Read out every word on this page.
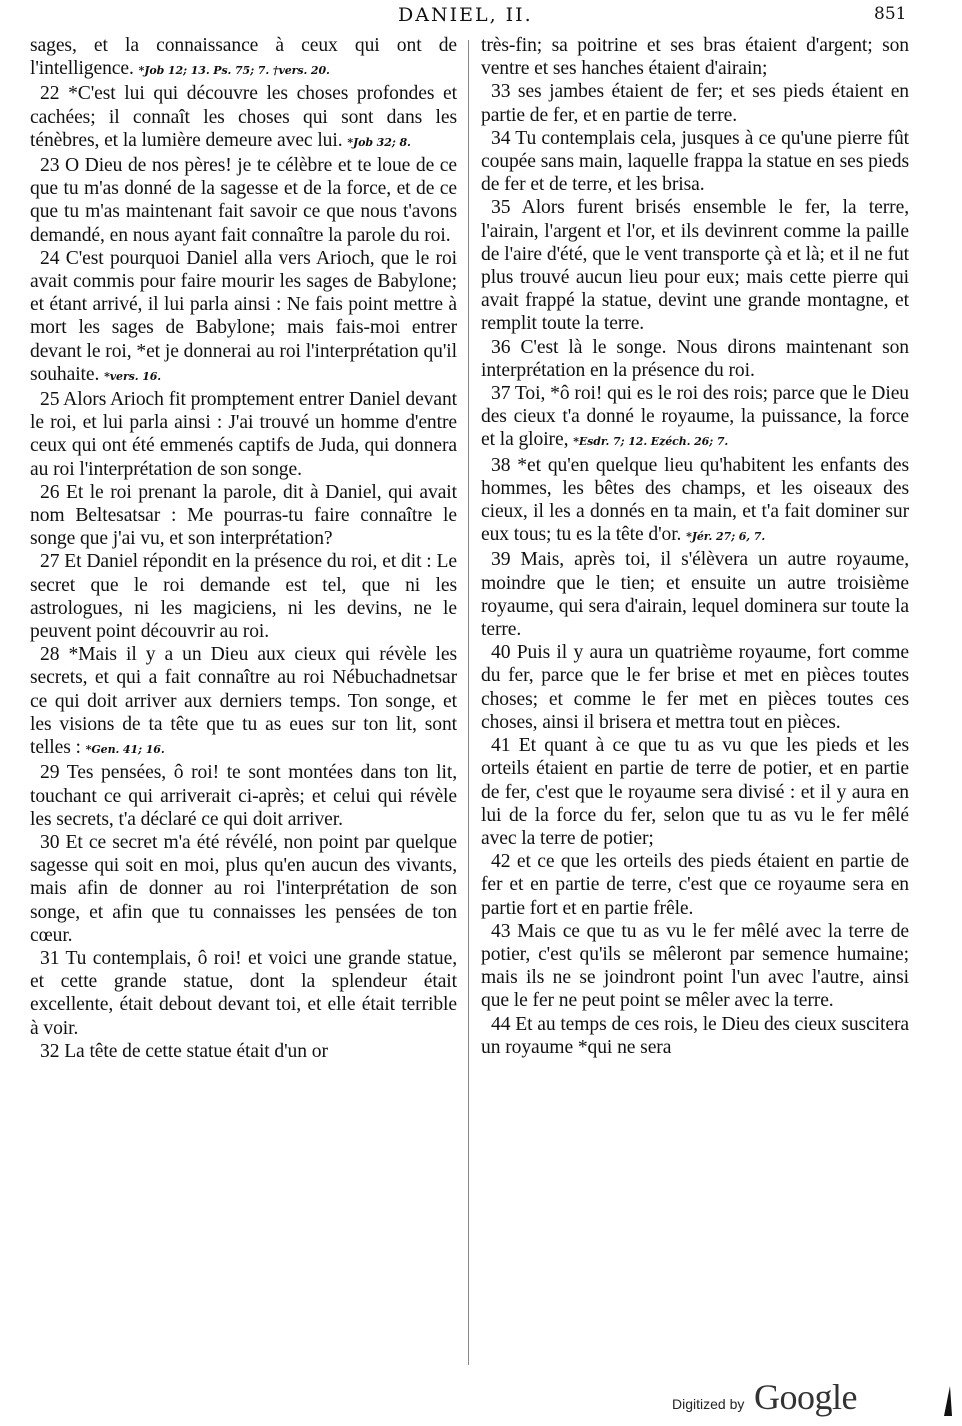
DANIEL, II.	851

sages, et la connaissance à ceux qui ont de l'intelligence. *Job 12; 13. Ps. 75; 7. †vers. 20.

22 *C'est lui qui découvre les choses profondes et cachées; il connaît les choses qui sont dans les ténèbres, et la lumière demeure avec lui. *Job 32; 8.

23 O Dieu de nos pères! je te célèbre et te loue de ce que tu m'as donné de la sagesse et de la force, et de ce que tu m'as maintenant fait savoir ce que nous t'avons demandé, en nous ayant fait connaître la parole du roi.

24 C'est pourquoi Daniel alla vers Arioch, que le roi avait commis pour faire mourir les sages de Babylone; et étant arrivé, il lui parla ainsi : Ne fais point mettre à mort les sages de Babylone; mais fais-moi entrer devant le roi, *et je donnerai au roi l'interprétation qu'il souhaite. *vers. 16.

25 Alors Arioch fit promptement entrer Daniel devant le roi, et lui parla ainsi : J'ai trouvé un homme d'entre ceux qui ont été emmenés captifs de Juda, qui donnera au roi l'interprétation de son songe.

26 Et le roi prenant la parole, dit à Daniel, qui avait nom Beltesatsar : Me pourras-tu faire connaître le songe que j'ai vu, et son interprétation?

27 Et Daniel répondit en la présence du roi, et dit : Le secret que le roi demande est tel, que ni les astrologues, ni les magiciens, ni les devins, ne le peuvent point découvrir au roi.

28 *Mais il y a un Dieu aux cieux qui révèle les secrets, et qui a fait connaître au roi Nébuchadnetsar ce qui doit arriver aux derniers temps. Ton songe, et les visions de ta tête que tu as eues sur ton lit, sont telles : *Gen. 41; 16.

29 Tes pensées, ô roi! te sont montées dans ton lit, touchant ce qui arriverait ci-après; et celui qui révèle les secrets, t'a déclaré ce qui doit arriver.

30 Et ce secret m'a été révélé, non point par quelque sagesse qui soit en moi, plus qu'en aucun des vivants, mais afin de donner au roi l'interprétation de son songe, et afin que tu connaisses les pensées de ton cœur.

31 Tu contemplais, ô roi! et voici une grande statue, et cette grande statue, dont la splendeur était excellente, était debout devant toi, et elle était terrible à voir.

32 La tête de cette statue était d'un or

très-fin; sa poitrine et ses bras étaient d'argent; son ventre et ses hanches étaient d'airain;

33 ses jambes étaient de fer; et ses pieds étaient en partie de fer, et en partie de terre.

34 Tu contemplais cela, jusques à ce qu'une pierre fût coupée sans main, laquelle frappa la statue en ses pieds de fer et de terre, et les brisa.

35 Alors furent brisés ensemble le fer, la terre, l'airain, l'argent et l'or, et ils devinrent comme la paille de l'aire d'été, que le vent transporte çà et là; et il ne fut plus trouvé aucun lieu pour eux; mais cette pierre qui avait frappé la statue, devint une grande montagne, et remplit toute la terre.

36 C'est là le songe. Nous dirons maintenant son interprétation en la présence du roi.

37 Toi, *ô roi! qui es le roi des rois; parce que le Dieu des cieux t'a donné le royaume, la puissance, la force et la gloire, *Esdr. 7; 12. Ezéch. 26; 7.

38 *et qu'en quelque lieu qu'habitent les enfants des hommes, les bêtes des champs, et les oiseaux des cieux, il les a donnés en ta main, et t'a fait dominer sur eux tous; tu es la tête d'or. *Jér. 27; 6, 7.

39 Mais, après toi, il s'élèvera un autre royaume, moindre que le tien; et ensuite un autre troisième royaume, qui sera d'airain, lequel dominera sur toute la terre.

40 Puis il y aura un quatrième royaume, fort comme du fer, parce que le fer brise et met en pièces toutes choses; et comme le fer met en pièces toutes ces choses, ainsi il brisera et mettra tout en pièces.

41 Et quant à ce que tu as vu que les pieds et les orteils étaient en partie de terre de potier, et en partie de fer, c'est que le royaume sera divisé : et il y aura en lui de la force du fer, selon que tu as vu le fer mêlé avec la terre de potier;

42 et ce que les orteils des pieds étaient en partie de fer et en partie de terre, c'est que ce royaume sera en partie fort et en partie frêle.

43 Mais ce que tu as vu le fer mêlé avec la terre de potier, c'est qu'ils se mêleront par semence humaine; mais ils ne se joindront point l'un avec l'autre, ainsi que le fer ne peut point se mêler avec la terre.

44 Et au temps de ces rois, le Dieu des cieux suscitera un royaume *qui ne sera

Digitized by Google
